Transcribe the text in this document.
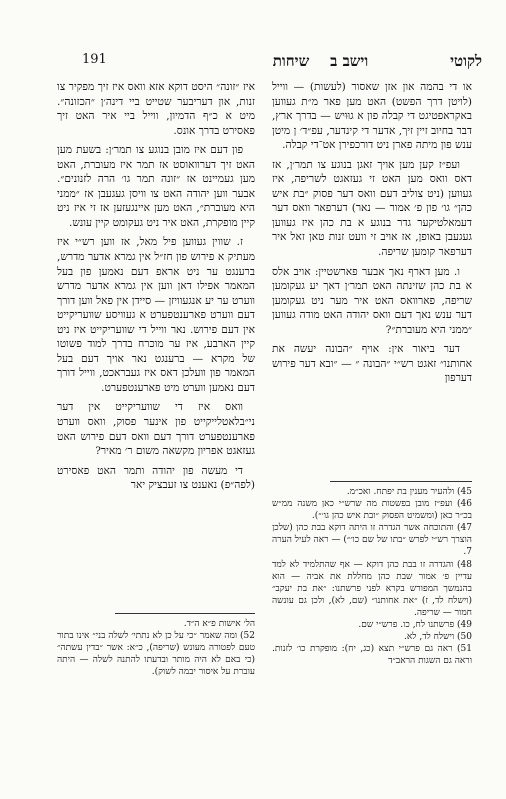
191	וישב ב    שיחות	לקוטי

או די בהמה און אזן שאסור (לעשות) — ווייל (לויטן דרך הפשט) האט מען פאר מ״ת געווען באקראפטיגט די קבלה פון א גוּוּיש — בדרך ארץ, דבר בחיוב זיין זיך, אדער די קינדער, עפ״ד׳ ן מיטן ענש פון מיתה פארן ניט דורכפירן אט־די קבלה.

ועפ״ז קען מען אויך זאגן בנוגע צו תמר׳ן, אז דאס וואס מען האט זי געזאגט לשריפה, איז געווען (ניט צוליב דעם וואס דער פסוק ״בת איש כהן״ גו׳ פון פ׳ אמור — נאר) דערפאר וואס דער דעמאלטיקער גדר בנוגע א בת כהן איז געווען געגעבן באופן, אז אויב זי וועט זנות טאן זאל איר דערפאר קומען שריפה.

ו. מען דארף נאך אבער פארשטיין: אויב אלס א בת כהן שזינתה האט תמר׳ן דאך יע געקומען שריפה, פארוואס האט איר מער ניט געקומען דער ענש נאך דעם וואס יהודה האט מודה געווען ״ממני היא מעוברת״?

דער ביאור אין: אויף ״הבונה יעשה את אחותנו״ זאגט רש״י ״הבונה ״ — ״ובא דער פירוש דערפון

איז ״זונה״ היסט דוקא אזא וואס איז זיך מפקיר צו זנות, און דעריבער שטייט ביי דינה׳ן ״הכזונה״. מיט א כ״ף הדמיון, ווייל ביי איר האט זיך פאסירט בדרך אונס.

פון דעם איז מובן בנוגע צו תמר׳ן: בשעת מען האט זיך דערוואוסט אז תמר איז מעוברת, האט מען געמיינט אז ״זונה תמר גו׳ הרה לזנונים״. אבער ווען יהודה האט צו וויסן געגעבן אז ״ממני היא מעוברת״, האט מען איינגעזען אז זי איז ניט קיין מופקרת, האט איר ניט געקומט קיין עונש.

ז. שווין געווען פיל מאל, אז ווען רש״י איז מעתיק א פירוש פון חז״ל אין גמרא אדער מדרש, ברענגט ער ניט אראפ דעם נאמען פון בעל המאמר אפילו דאן ווען אין גמרא אדער מדרש ווערט ער יע אנגעוויזן — סיידן אין פאל ווען דורך דעם ווערט פארענטפערט א געוויסע שוועריקייט אין דעם פירוש. נאר ווייל די שוועריקייט איז ניט קיין הארבע, איז ער מוכרח בדרך למוד פשוטו של מקרא — ברענגט נאר אויך דעם בעל המאמר פון וועלכן דאס איז געבראכט, ווייל דורך דעם נאמען ווערט מיט פארענטפערט.

וואס איז די שוועריקייט אין דער ני״בלאטלייקייט פון אינער פסוק, וואס ווערט פארענטפערט דורך דעם וואס דעם פירוש האט געזאגט אפריון מקשאה משום ר׳ מאיר?

די מעשה פון יהודה ותמר האט פאסירט (לפה״פ) נאענט צו זעבציק יאר

45) ולהעיר מענין בת יפתח. ואכ״מ.

46) ועפ״ז מובן בפשטות מה שרש״י כאן משנה ממ״ש בכ״ר כאן (ומשמיט הפסוק ״ובת איש כהן גו׳״).

47) והתוכחה אשר הגדרה זו היתה דוקא בבת כהן (שלכן הוצרך רש״י לפרש ״בתו של שם כו׳״) — ראה לעיל הערה 7.

48) והגדרה זו בבת כהן דוקא — אף שהתלמיד לא למד עדיין פ׳ אמור שבת כהן מחללת את אביה — הוא בהנמשך המפורש בקרא לפני פרשתנו: ״את בת יעקב״ (וישלח לד, ז) ״את אחותנו״ (שם, לא), ולכן גם עונשה חמור — שריפה.

49) פרשתנו לח, כו. פרש״י שם.

50) וישלח לד, לא.

51) ראה גם פרש״י תצא (כג, יח): מופקרת כו׳ לזנות. וראה גם השגות הראב״ד

הל׳ אישות פ״א ה״ד.

52) ומה שאמר ״כי על כן לא נתתי׳ לשלה בני״ אינו בתור טעם לפטורה מעונש (שריפה), כ״א: אשר ״בדין עשתה״ (כי באם לא היה מותר ובדעתו להתנה לשלה — היתה עוברת על איסור יבמה לשוק).
